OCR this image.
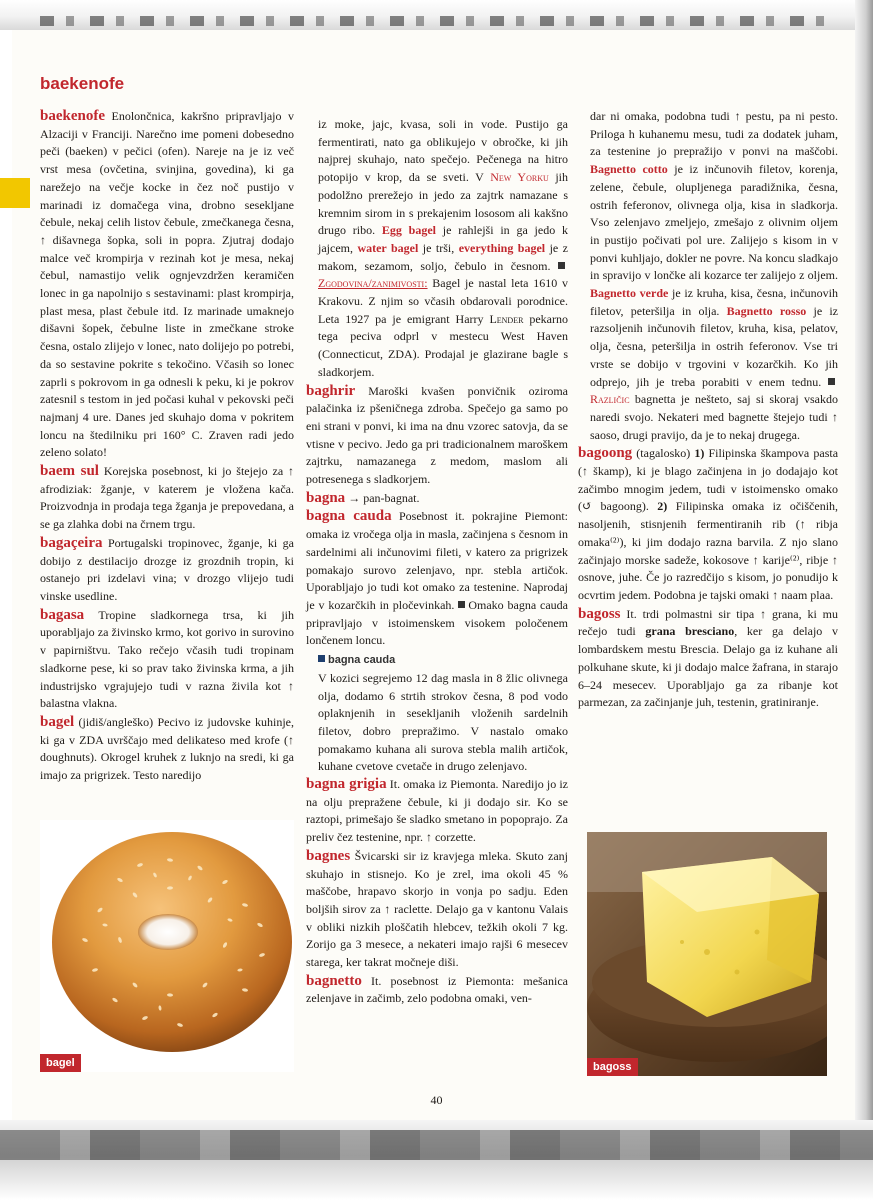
baekenofe
baekenofe Enolončnica, kakršno pripravljajo v Alzaciji v Franciji. Narečno ime pomeni dobesedno peči (baeken) v pečici (ofen). Nareje na je iz več vrst mesa (ovčetina, svinjina, govedina), ki ga narežejo na večje kocke in čez noč pustijo v marinadi iz domačega vina, drobno sesekljane čebule, nekaj celih listov čebule, zmečkanega česna, ↑ dišavnega šopka, soli in popra. Zjutraj dodajo malce več krompirja v rezinah kot je mesa, nekaj čebul, namastijo velik ognjevzdržen keramičen lonec in ga napolnijo s sestavinami: plast krompirja, plast mesa, plast čebule itd. Iz marinade umaknejo dišavni šopek, čebulne liste in zmečkane stroke česna, ostalo zlijejo v lonec, nato dolijejo po potrebi, da so sestavine pokrite s tekočino. Včasih so lonec zaprli s pokrovom in ga odnesli k peku, ki je pokrov zatesnil s testom in jed počasi kuhal v pekovski peči najmanj 4 ure. Danes jed skuhajo doma v pokritem loncu na štedilniku pri 160° C. Zraven radi jedo zeleno solato!
baem sul Korejska posebnost, ki jo štejejo za ↑ afrodiziak: žganje, v katerem je vložena kača. Proizvodnja in prodaja tega žganja je prepovedana, a se ga zlahka dobi na črnem trgu.
bagaçeira Portugalski tropinovec, žganje, ki ga dobijo z destilacijo drozge iz grozdnih tropin, ki ostanejo pri izdelavi vina; v drozgo vlijejo tudi vinske usedline.
bagasa Tropine sladkornega trsa, ki jih uporabljajo za živinsko krmo, kot gorivo in surovino v papirništvu. Tako rečejo včasih tudi tropinam sladkorne pese, ki so prav tako živinska krma, a jih industrijsko vgrajujejo tudi v razna živila kot ↑ balastna vlakna.
bagel (jidiš/angleško) Pecivo iz judovske kuhinje, ki ga v ZDA uvrščajo med delikateso med krofe (↑ doughnuts). Okrogel kruhek z luknjo na sredi, ki ga imajo za prigrizek. Testo naredijo
bagel
iz moke, jajc, kvasa, soli in vode. Pustijo ga fermentirati, nato ga oblikujejo v obročke, ki jih najprej skuhajo, nato spečejo. Pečenega na hitro potopijo v krop, da se sveti. V New Yorku jih podolžno prerežejo in jedo za zajtrk namazane s kremnim sirom in s prekajenim lososom ali kakšno drugo ribo. Egg bagel je rahlejši in ga jedo k jajcem, water bagel je trši, everything bagel je z makom, sezamom, soljo, čebulo in česnom. Zgodovina/zanimivosti: Bagel je nastal leta 1610 v Krakovu. Z njim so včasih obdarovali porodnice. Leta 1927 pa je emigrant Harry Lender pekarno tega peciva odprl v mestecu West Haven (Connecticut, ZDA). Prodajal je glazirane bagle s sladkorjem.
baghrir Maroški kvašen ponvičnik oziroma palačinka iz pšeničnega zdroba. Spečejo ga samo po eni strani v ponvi, ki ima na dnu vzorec satovja, da se vtisne v pecivo. Jedo ga pri tradicionalnem maroškem zajtrku, namazanega z medom, maslom ali potresenega s sladkorjem.
bagna → pan-bagnat.
bagna cauda Posebnost it. pokrajine Piemont: omaka iz vročega olja in masla, začinjena s česnom in sardelnimi ali inčunovimi fileti, v katero za prigrizek pomakajo surovo zelenjavo, npr. stebla artičok. Uporabljajo jo tudi kot omako za testenine. Naprodaj je v kozarčkih in pločevinkah. Omako bagna cauda pripravljajo v istoimenskem visokem poločenem lončenem loncu.
bagna cauda
V kozici segrejemo 12 dag masla in 8 žlic olivnega olja, dodamo 6 strtih strokov česna, 8 pod vodo oplaknjenih in sesekljanih vloženih sardelnih filetov, dobro prepražimo. V nastalo omako pomakamo kuhana ali surova stebla malih artičok, kuhane cvetove cvetače in drugo zelenjavo.
bagna grigia It. omaka iz Piemonta. Naredijo jo iz na olju prepražene čebule, ki ji dodajo sir. Ko se raztopi, primešajo še sladko smetano in popoprajo. Za preliv čez testenine, npr. ↑ corzette.
bagnes Švicarski sir iz kravjega mleka. Skuto zanj skuhajo in stisnejo. Ko je zrel, ima okoli 45 % maščobe, hrapavo skorjo in vonja po sadju. Eden boljših sirov za ↑ raclette. Delajo ga v kantonu Valais v obliki nizkih ploščatih hlebcev, težkih okoli 7 kg. Zorijo ga 3 mesece, a nekateri imajo rajši 6 mesecev starega, ker takrat močneje diši.
bagnetto It. posebnost iz Piemonta: mešanica zelenjave in začimb, zelo podobna omaki, ven-
dar ni omaka, podobna tudi ↑ pestu, pa ni pesto. Priloga h kuhanemu mesu, tudi za dodatek juham, za testenine jo prepražijo v ponvi na maščobi. Bagnetto cotto je iz inčunovih filetov, korenja, zelene, čebule, olupljenega paradižnika, česna, ostrih feferonov, olivnega olja, kisa in sladkorja. Vso zelenjavo zmeljejo, zmešajo z olivnim oljem in pustijo počivati pol ure. Zalijejo s kisom in v ponvi kuhljajo, dokler ne povre. Na koncu sladkajo in spravijo v lončke ali kozarce ter zalijejo z oljem. Bagnetto verde je iz kruha, kisa, česna, inčunovih filetov, peteršilja in olja. Bagnetto rosso je iz razsoljenih inčunovih filetov, kruha, kisa, pelatov, olja, česna, peteršilja in ostrih feferonov. Vse tri vrste se dobijo v trgovini v kozarčkih. Ko jih odprejo, jih je treba porabiti v enem tednu. Različic bagnetta je nešteto, saj si skoraj vsakdo naredi svojo. Nekateri med bagnette štejejo tudi ↑ saoso, drugi pravijo, da je to nekaj drugega.
bagoong (tagalosko) 1) Filipinska škampova pasta (↑ škamp), ki je blago začinjena in jo dodajajo kot začimbo mnogim jedem, tudi v istoimensko omako (↺ bagoong). 2) Filipinska omaka iz očiščenih, nasoljenih, stisnjenih fermentiranih rib (↑ ribja omaka⁽²⁾), ki jim dodajo razna barvila. Z njo slano začinjajo morske sadeže, kokosove ↑ karije⁽²⁾, ribje ↑ osnove, juhe. Če jo razredčijo s kisom, jo ponudijo k ocvrtim jedem. Podobna je tajski omaki ↑ naam plaa.
bagoss It. trdi polmastni sir tipa ↑ grana, ki mu rečejo tudi grana bresciano, ker ga delajo v lombardskem mestu Brescia. Delajo ga iz kuhane ali polkuhane skute, ki ji dodajo malce žafrana, in starajo 6–24 mesecev. Uporabljajo ga za ribanje kot parmezan, za začinjanje juh, testenin, gratiniranje.
bagoss
40
